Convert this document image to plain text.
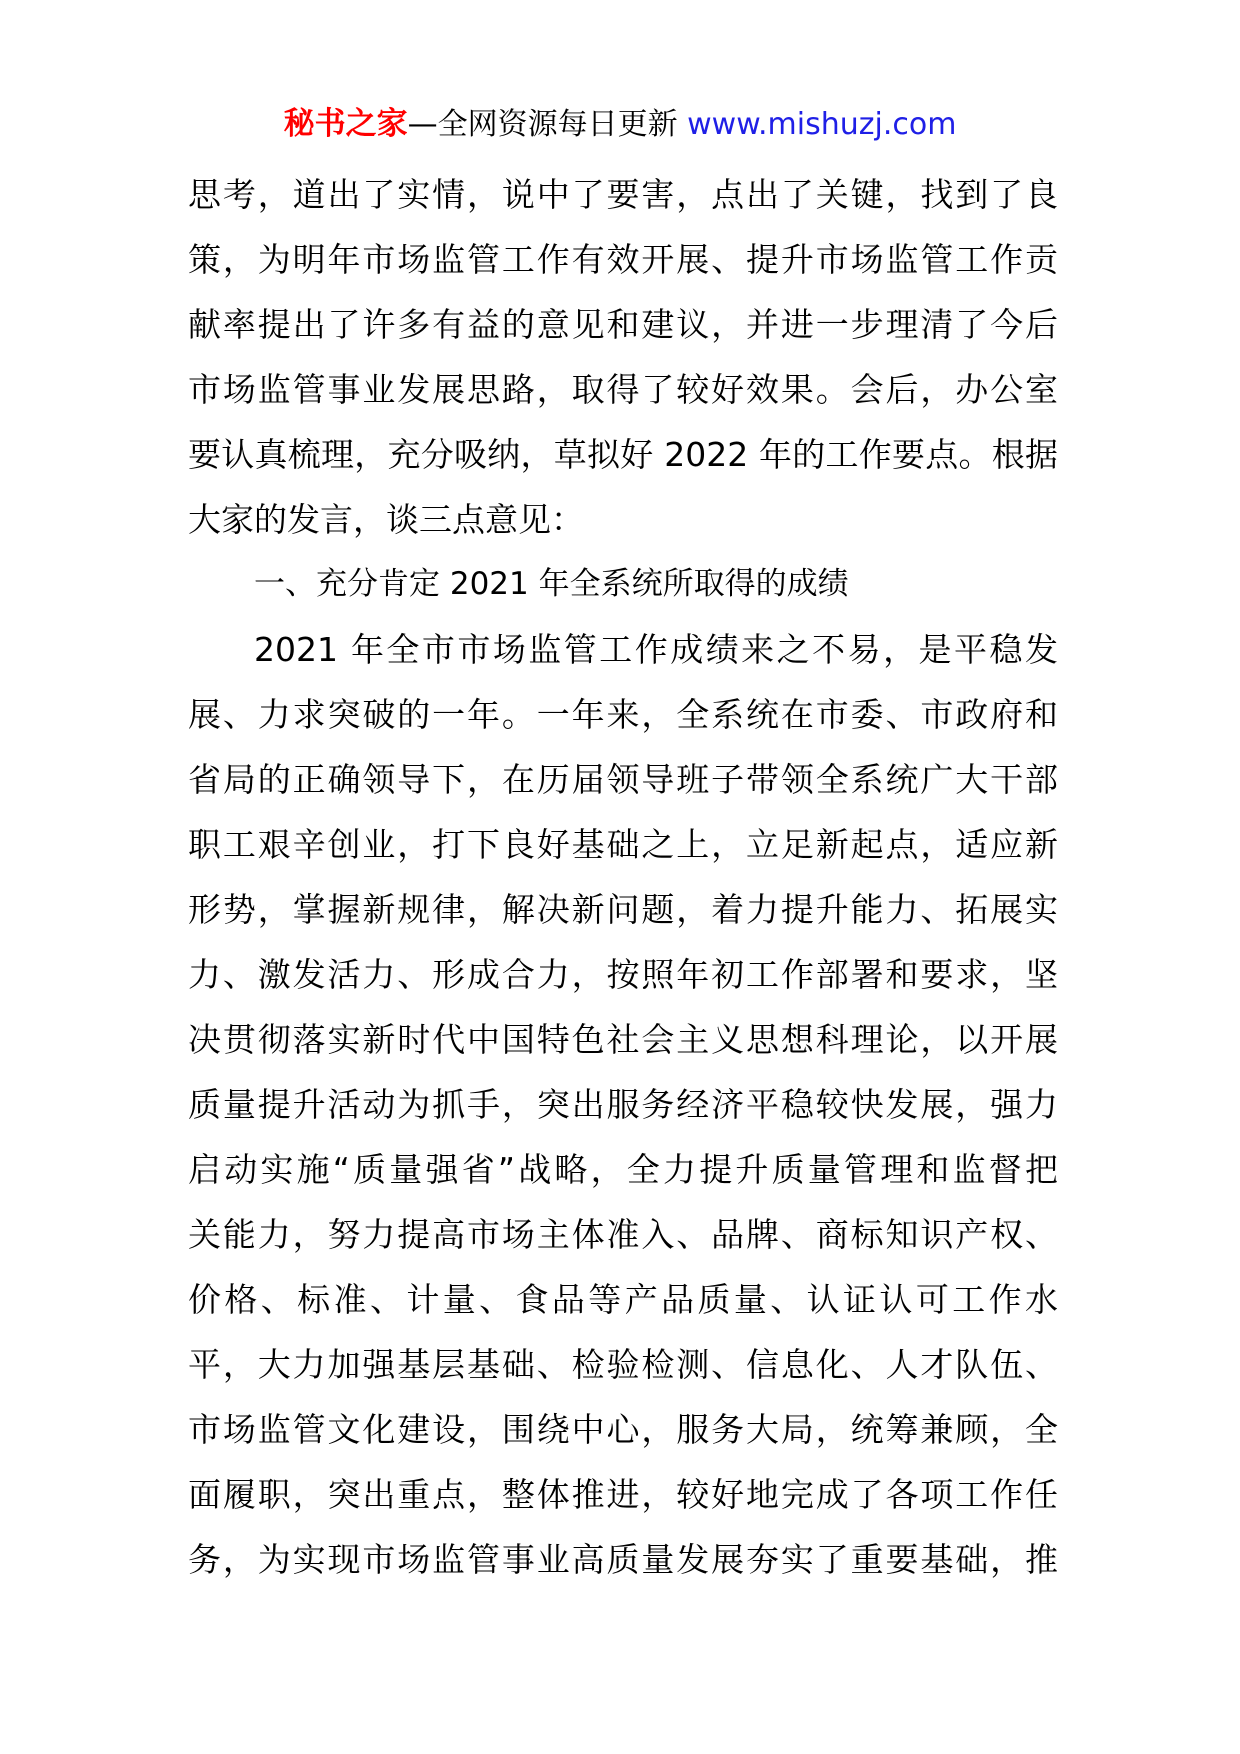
秘书之家—全网资源每日更新 www.mishuzj.com
思考，道出了实情，说中了要害，点出了关键，找到了良
策，为明年市场监管工作有效开展、提升市场监管工作贡
献率提出了许多有益的意见和建议，并进一步理清了今后
市场监管事业发展思路，取得了较好效果。会后，办公室
要认真梳理，充分吸纳，草拟好 2022 年的工作要点。根据
大家的发言，谈三点意见：
一、充分肯定 2021 年全系统所取得的成绩
2021 年全市市场监管工作成绩来之不易，是平稳发
展、力求突破的一年。一年来，全系统在市委、市政府和
省局的正确领导下，在历届领导班子带领全系统广大干部
职工艰辛创业，打下良好基础之上，立足新起点，适应新
形势，掌握新规律，解决新问题，着力提升能力、拓展实
力、激发活力、形成合力，按照年初工作部署和要求，坚
决贯彻落实新时代中国特色社会主义思想科理论，以开展
质量提升活动为抓手，突出服务经济平稳较快发展，强力
启动实施“质量强省”战略，全力提升质量管理和监督把
关能力，努力提高市场主体准入、品牌、商标知识产权、
价格、标准、计量、食品等产品质量、认证认可工作水
平，大力加强基层基础、检验检测、信息化、人才队伍、
市场监管文化建设，围绕中心，服务大局，统筹兼顾，全
面履职，突出重点，整体推进，较好地完成了各项工作任
务，为实现市场监管事业高质量发展夯实了重要基础，推
